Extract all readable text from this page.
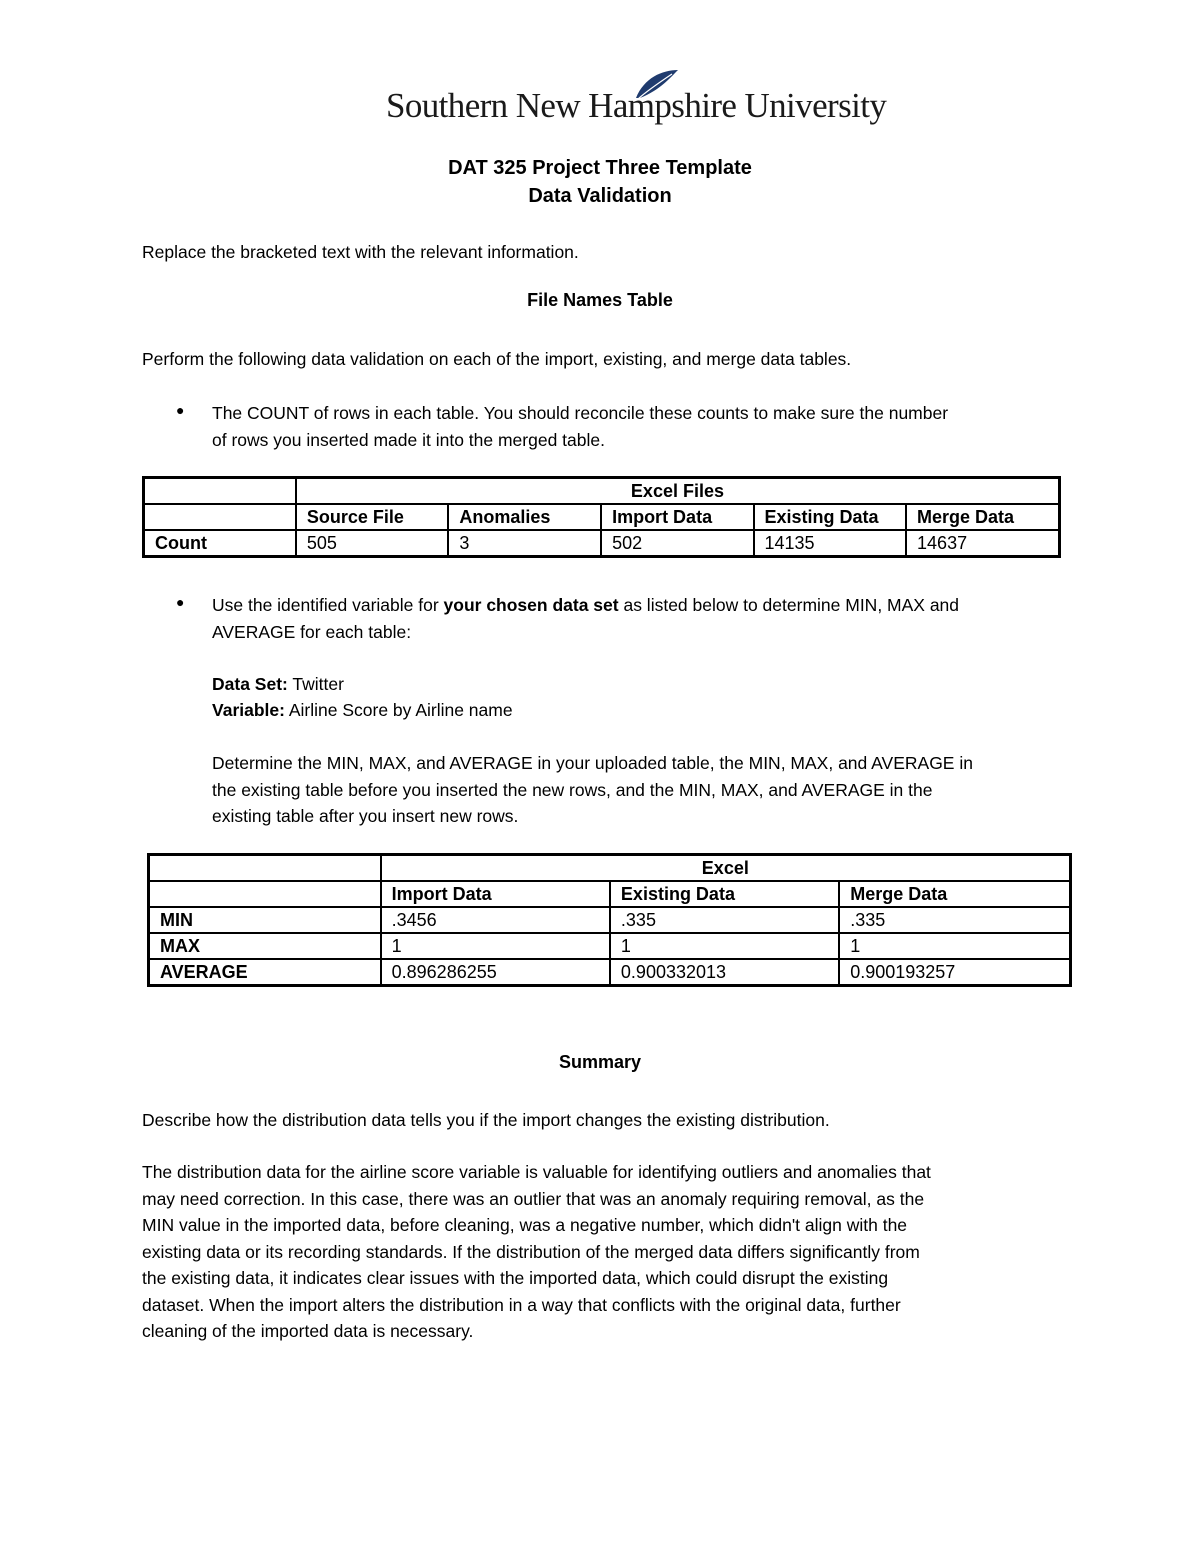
Southern New Hampshire University
DAT 325 Project Three Template
Data Validation
Replace the bracketed text with the relevant information.
File Names Table
Perform the following data validation on each of the import, existing, and merge data tables.
● The COUNT of rows in each table. You should reconcile these counts to make sure the number
of rows you inserted made it into the merged table.
	Excel Files				
	Source File	Anomalies	Import Data	Existing Data	Merge Data
Count	505	3	502	14135	14637
● Use the identified variable for your chosen data set as listed below to determine MIN, MAX and
AVERAGE for each table:
Data Set: Twitter
Variable: Airline Score by Airline name
Determine the MIN, MAX, and AVERAGE in your uploaded table, the MIN, MAX, and AVERAGE in
the existing table before you inserted the new rows, and the MIN, MAX, and AVERAGE in the
existing table after you insert new rows.
	Excel		
	Import Data	Existing Data	Merge Data
MIN	.3456	.335	.335
MAX	1	1	1
AVERAGE	0.896286255	0.900332013	0.900193257
Summary
Describe how the distribution data tells you if the import changes the existing distribution.
The distribution data for the airline score variable is valuable for identifying outliers and anomalies that
may need correction. In this case, there was an outlier that was an anomaly requiring removal, as the
MIN value in the imported data, before cleaning, was a negative number, which didn't align with the
existing data or its recording standards. If the distribution of the merged data differs significantly from
the existing data, it indicates clear issues with the imported data, which could disrupt the existing
dataset. When the import alters the distribution in a way that conflicts with the original data, further
cleaning of the imported data is necessary.
